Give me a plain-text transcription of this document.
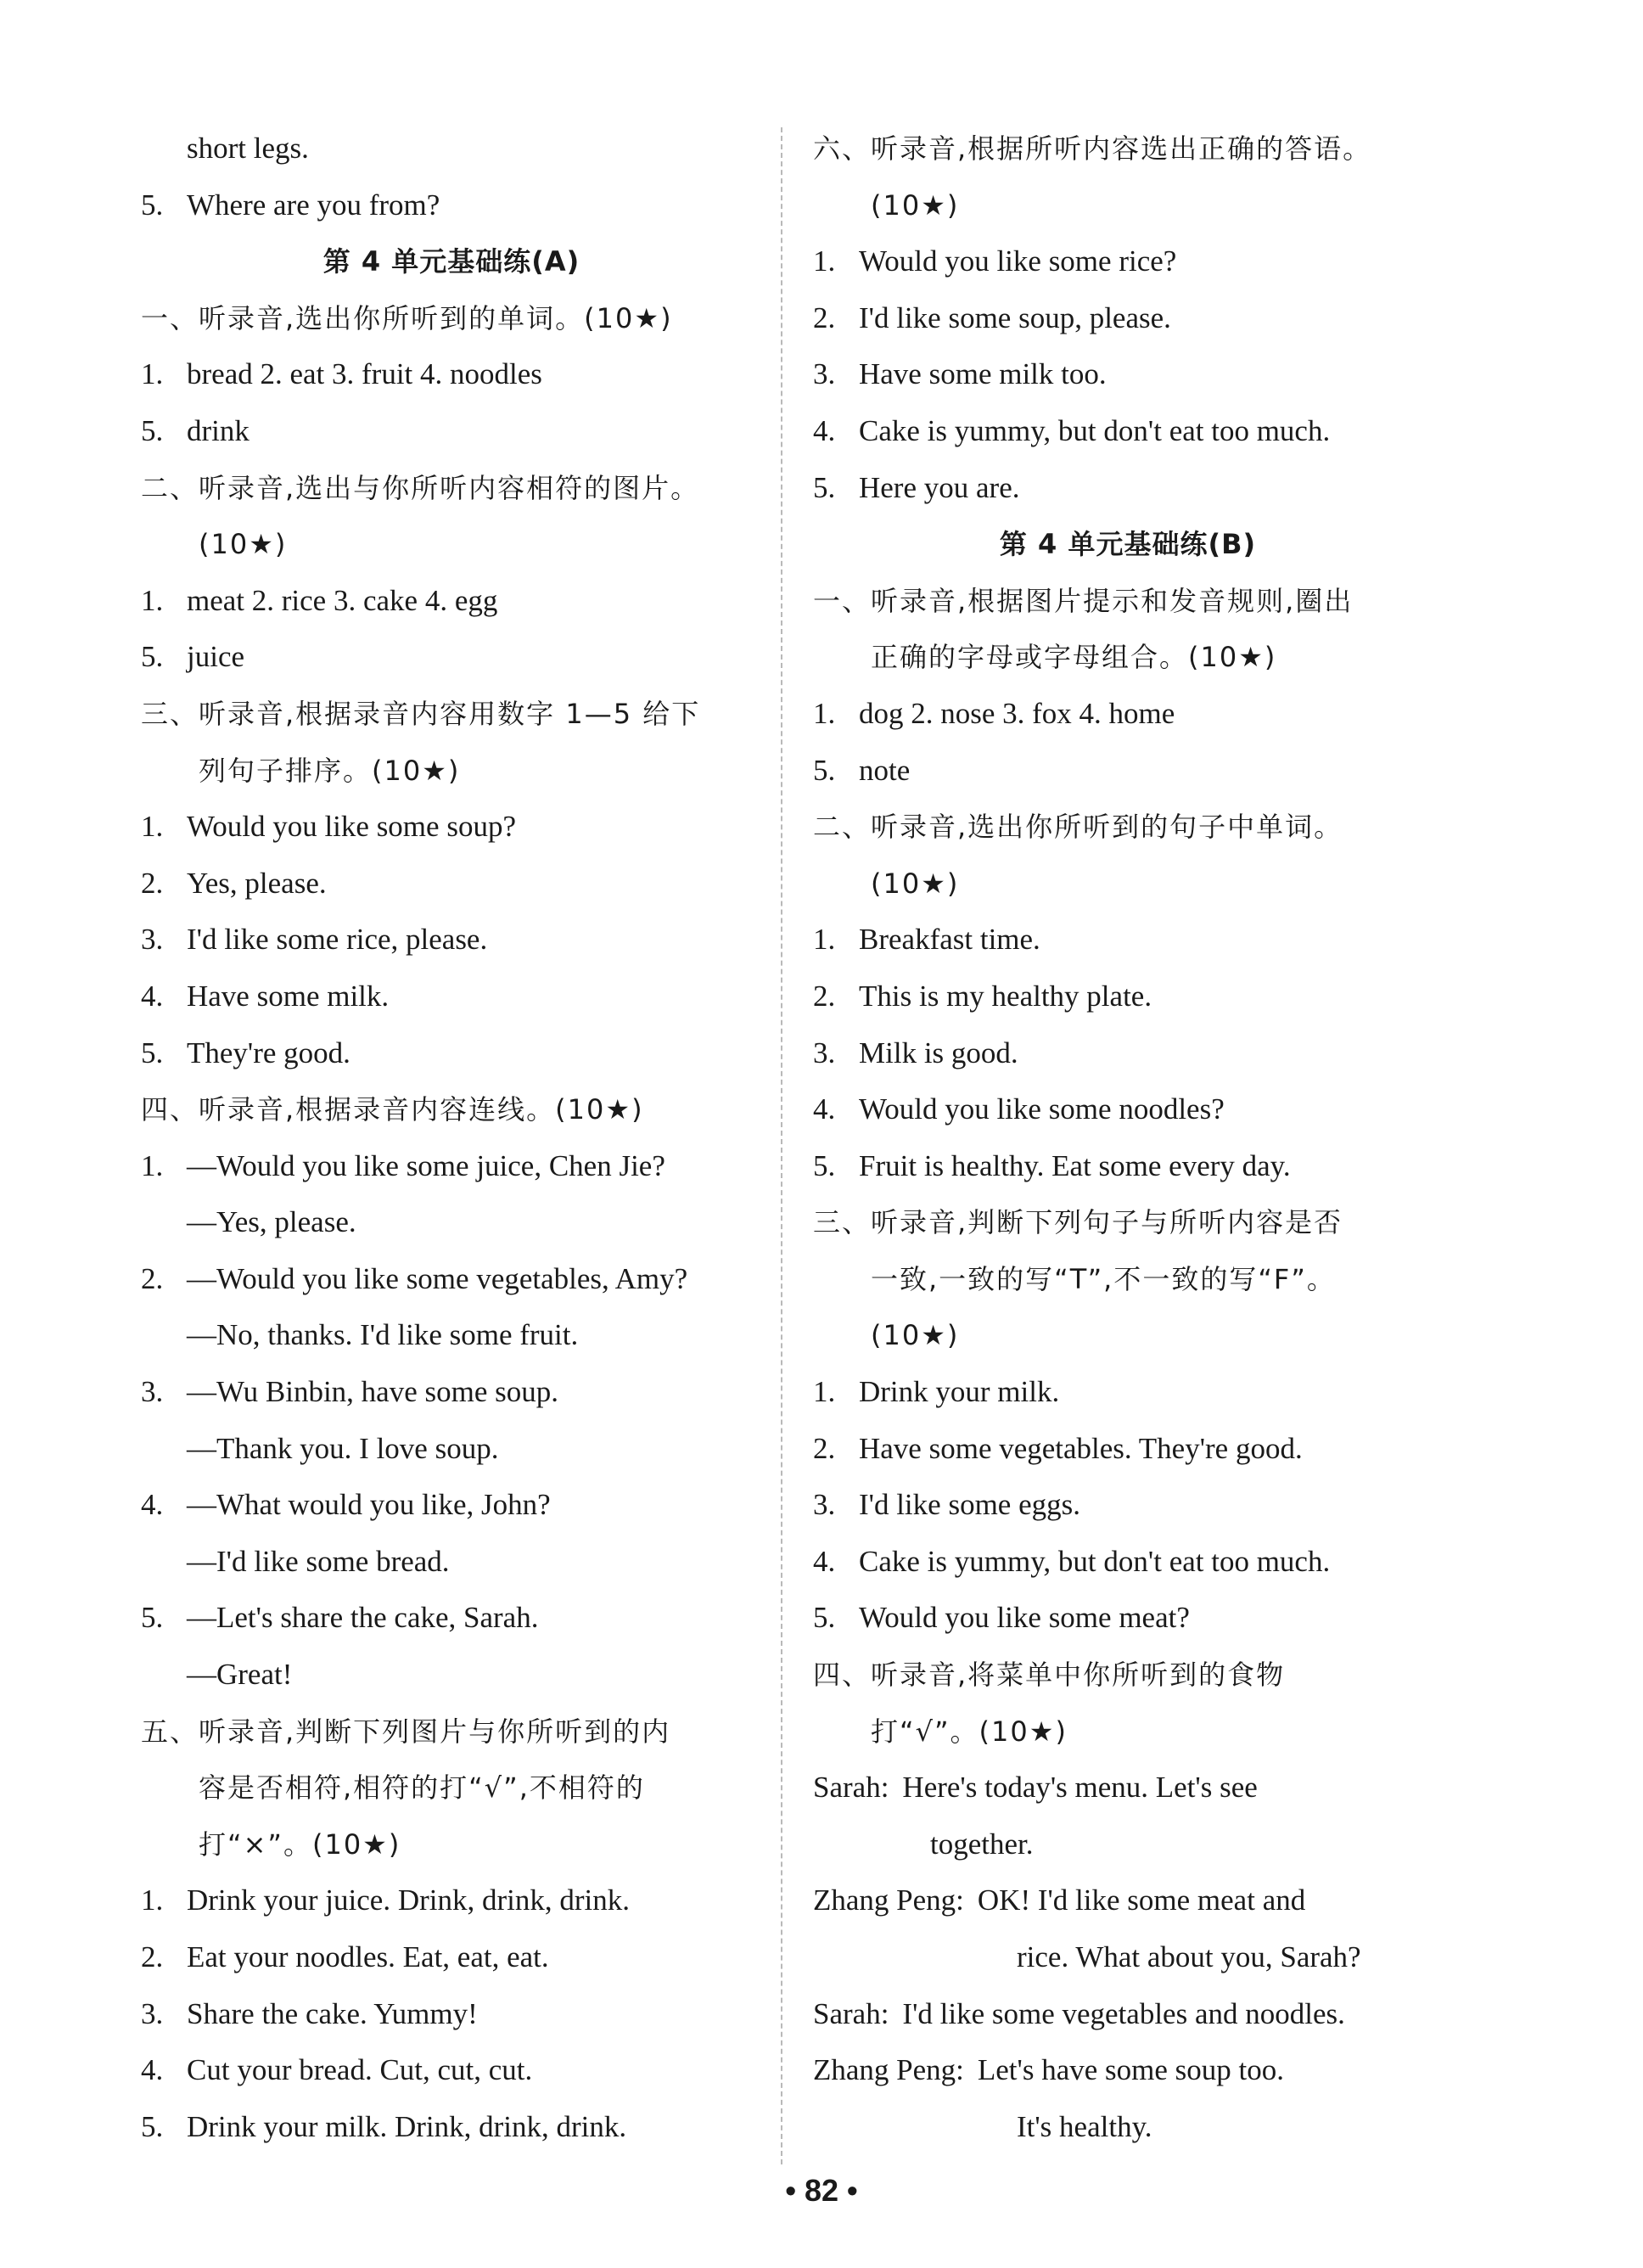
short legs.
5. Where are you from?
第 4 单元基础练(A)
一、听录音,选出你所听到的单词。(10★)
1. bread 2. eat 3. fruit 4. noodles
5. drink
二、听录音,选出与你所听内容相符的图片。
(10★)
1. meat 2. rice 3. cake 4. egg
5. juice
三、听录音,根据录音内容用数字 1—5 给下
列句子排序。(10★)
1. Would you like some soup?
2. Yes, please.
3. I'd like some rice, please.
4. Have some milk.
5. They're good.
四、听录音,根据录音内容连线。(10★)
1. —Would you like some juice, Chen Jie?
—Yes, please.
2. —Would you like some vegetables, Amy?
—No, thanks. I'd like some fruit.
3. —Wu Binbin, have some soup.
—Thank you. I love soup.
4. —What would you like, John?
—I'd like some bread.
5. —Let's share the cake, Sarah.
—Great!
五、听录音,判断下列图片与你所听到的内
容是否相符,相符的打“√”,不相符的
打“×”。(10★)
1. Drink your juice. Drink, drink, drink.
2. Eat your noodles. Eat, eat, eat.
3. Share the cake. Yummy!
4. Cut your bread. Cut, cut, cut.
5. Drink your milk. Drink, drink, drink.
六、听录音,根据所听内容选出正确的答语。
(10★)
1. Would you like some rice?
2. I'd like some soup, please.
3. Have some milk too.
4. Cake is yummy, but don't eat too much.
5. Here you are.
第 4 单元基础练(B)
一、听录音,根据图片提示和发音规则,圈出
正确的字母或字母组合。(10★)
1. dog 2. nose 3. fox 4. home
5. note
二、听录音,选出你所听到的句子中单词。
(10★)
1. Breakfast time.
2. This is my healthy plate.
3. Milk is good.
4. Would you like some noodles?
5. Fruit is healthy. Eat some every day.
三、听录音,判断下列句子与所听内容是否
一致,一致的写“T”,不一致的写“F”。
(10★)
1. Drink your milk.
2. Have some vegetables. They're good.
3. I'd like some eggs.
4. Cake is yummy, but don't eat too much.
5. Would you like some meat?
四、听录音,将菜单中你所听到的食物
打“√”。(10★)
Sarah: Here's today's menu. Let's see
together.
Zhang Peng: OK! I'd like some meat and
rice. What about you, Sarah?
Sarah: I'd like some vegetables and noodles.
Zhang Peng: Let's have some soup too.
It's healthy.
• 82 •
